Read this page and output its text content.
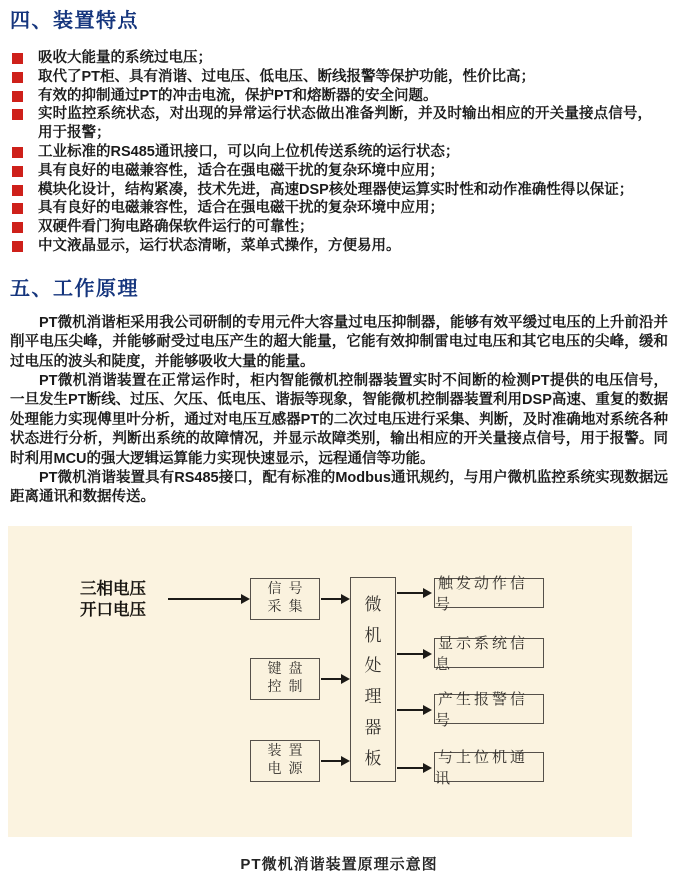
四、装置特点
吸收大能量的系统过电压；
取代了PT柜、具有消谐、过电压、低电压、断线报警等保护功能，性价比高；
有效的抑制通过PT的冲击电流，保护PT和熔断器的安全问题。
实时监控系统状态，对出现的异常运行状态做出准备判断，并及时输出相应的开关量接点信号，用于报警；
工业标准的RS485通讯接口，可以向上位机传送系统的运行状态；
具有良好的电磁兼容性，适合在强电磁干扰的复杂环境中应用；
模块化设计，结构紧凑，技术先进，高速DSP核处理器使运算实时性和动作准确性得以保证；
具有良好的电磁兼容性，适合在强电磁干扰的复杂环境中应用；
双硬件看门狗电路确保软件运行的可靠性；
中文液晶显示，运行状态清晰，菜单式操作，方便易用。
五、工作原理

PT微机消谐柜采用我公司研制的专用元件大容量过电压抑制器，能够有效平缓过电压的上升前沿并削平电压尖峰，并能够耐受过电压产生的超大能量，它能有效抑制雷电过电压和其它电压的尖峰，缓和过电压的波头和陡度，并能够吸收大量的能量。

PT微机消谐装置在正常运作时，柜内智能微机控制器装置实时不间断的检测PT提供的电压信号，一旦发生PT断线、过压、欠压、低电压、谐振等现象，智能微机控制器装置利用DSP高速、重复的数据处理能力实现傅里叶分析，通过对电压互感器PT的二次过电压进行采集、判断，及时准确地对系统各种状态进行分析，判断出系统的故障情况，并显示故障类别，输出相应的开关量接点信号，用于报警。同时利用MCU的强大逻辑运算能力实现快速显示，远程通信等功能。

PT微机消谐装置具有RS485接口，配有标准的Modbus通讯规约，与用户微机监控系统实现数据远距离通讯和数据传送。

三相电压
开口电压
信号
采集
键盘
控制
装置
电源
微
机
处
理
器
板
触发动作信号
显示系统信息
产生报警信号
与上位机通讯
PT微机消谐装置原理示意图
